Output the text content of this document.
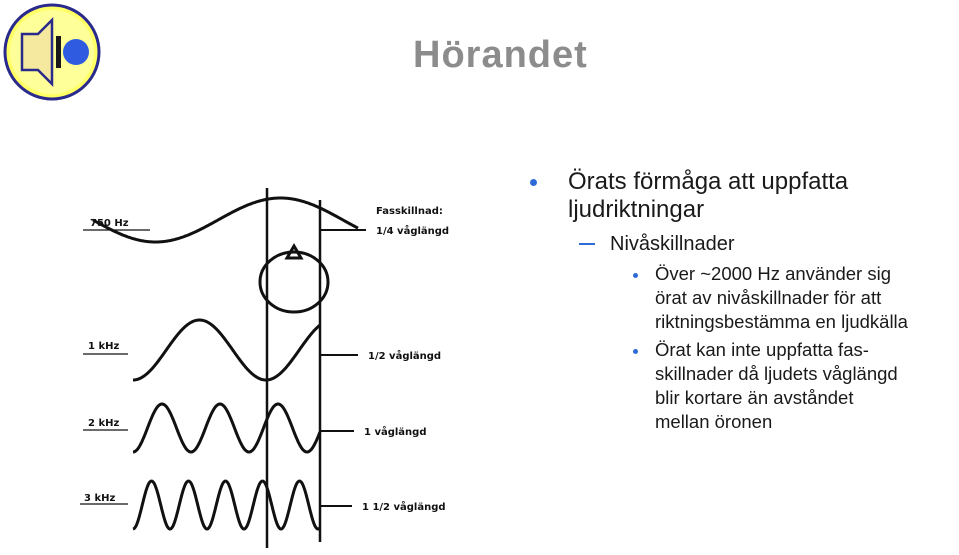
Hörandet
Fasskillnad:
750 Hz
1/4 våglängd
1 kHz
1/2 våglängd
2 kHz
1 våglängd
3 kHz
1 1/2 våglängd
Örats förmåga att uppfatta
ljudriktningar
Nivåskillnader
Över ~2000 Hz använder sig
örat av nivåskillnader för att
riktningsbestämma en ljudkälla
Örat kan inte uppfatta fas-
skillnader då ljudets våglängd
blir kortare än avståndet
mellan öronen
